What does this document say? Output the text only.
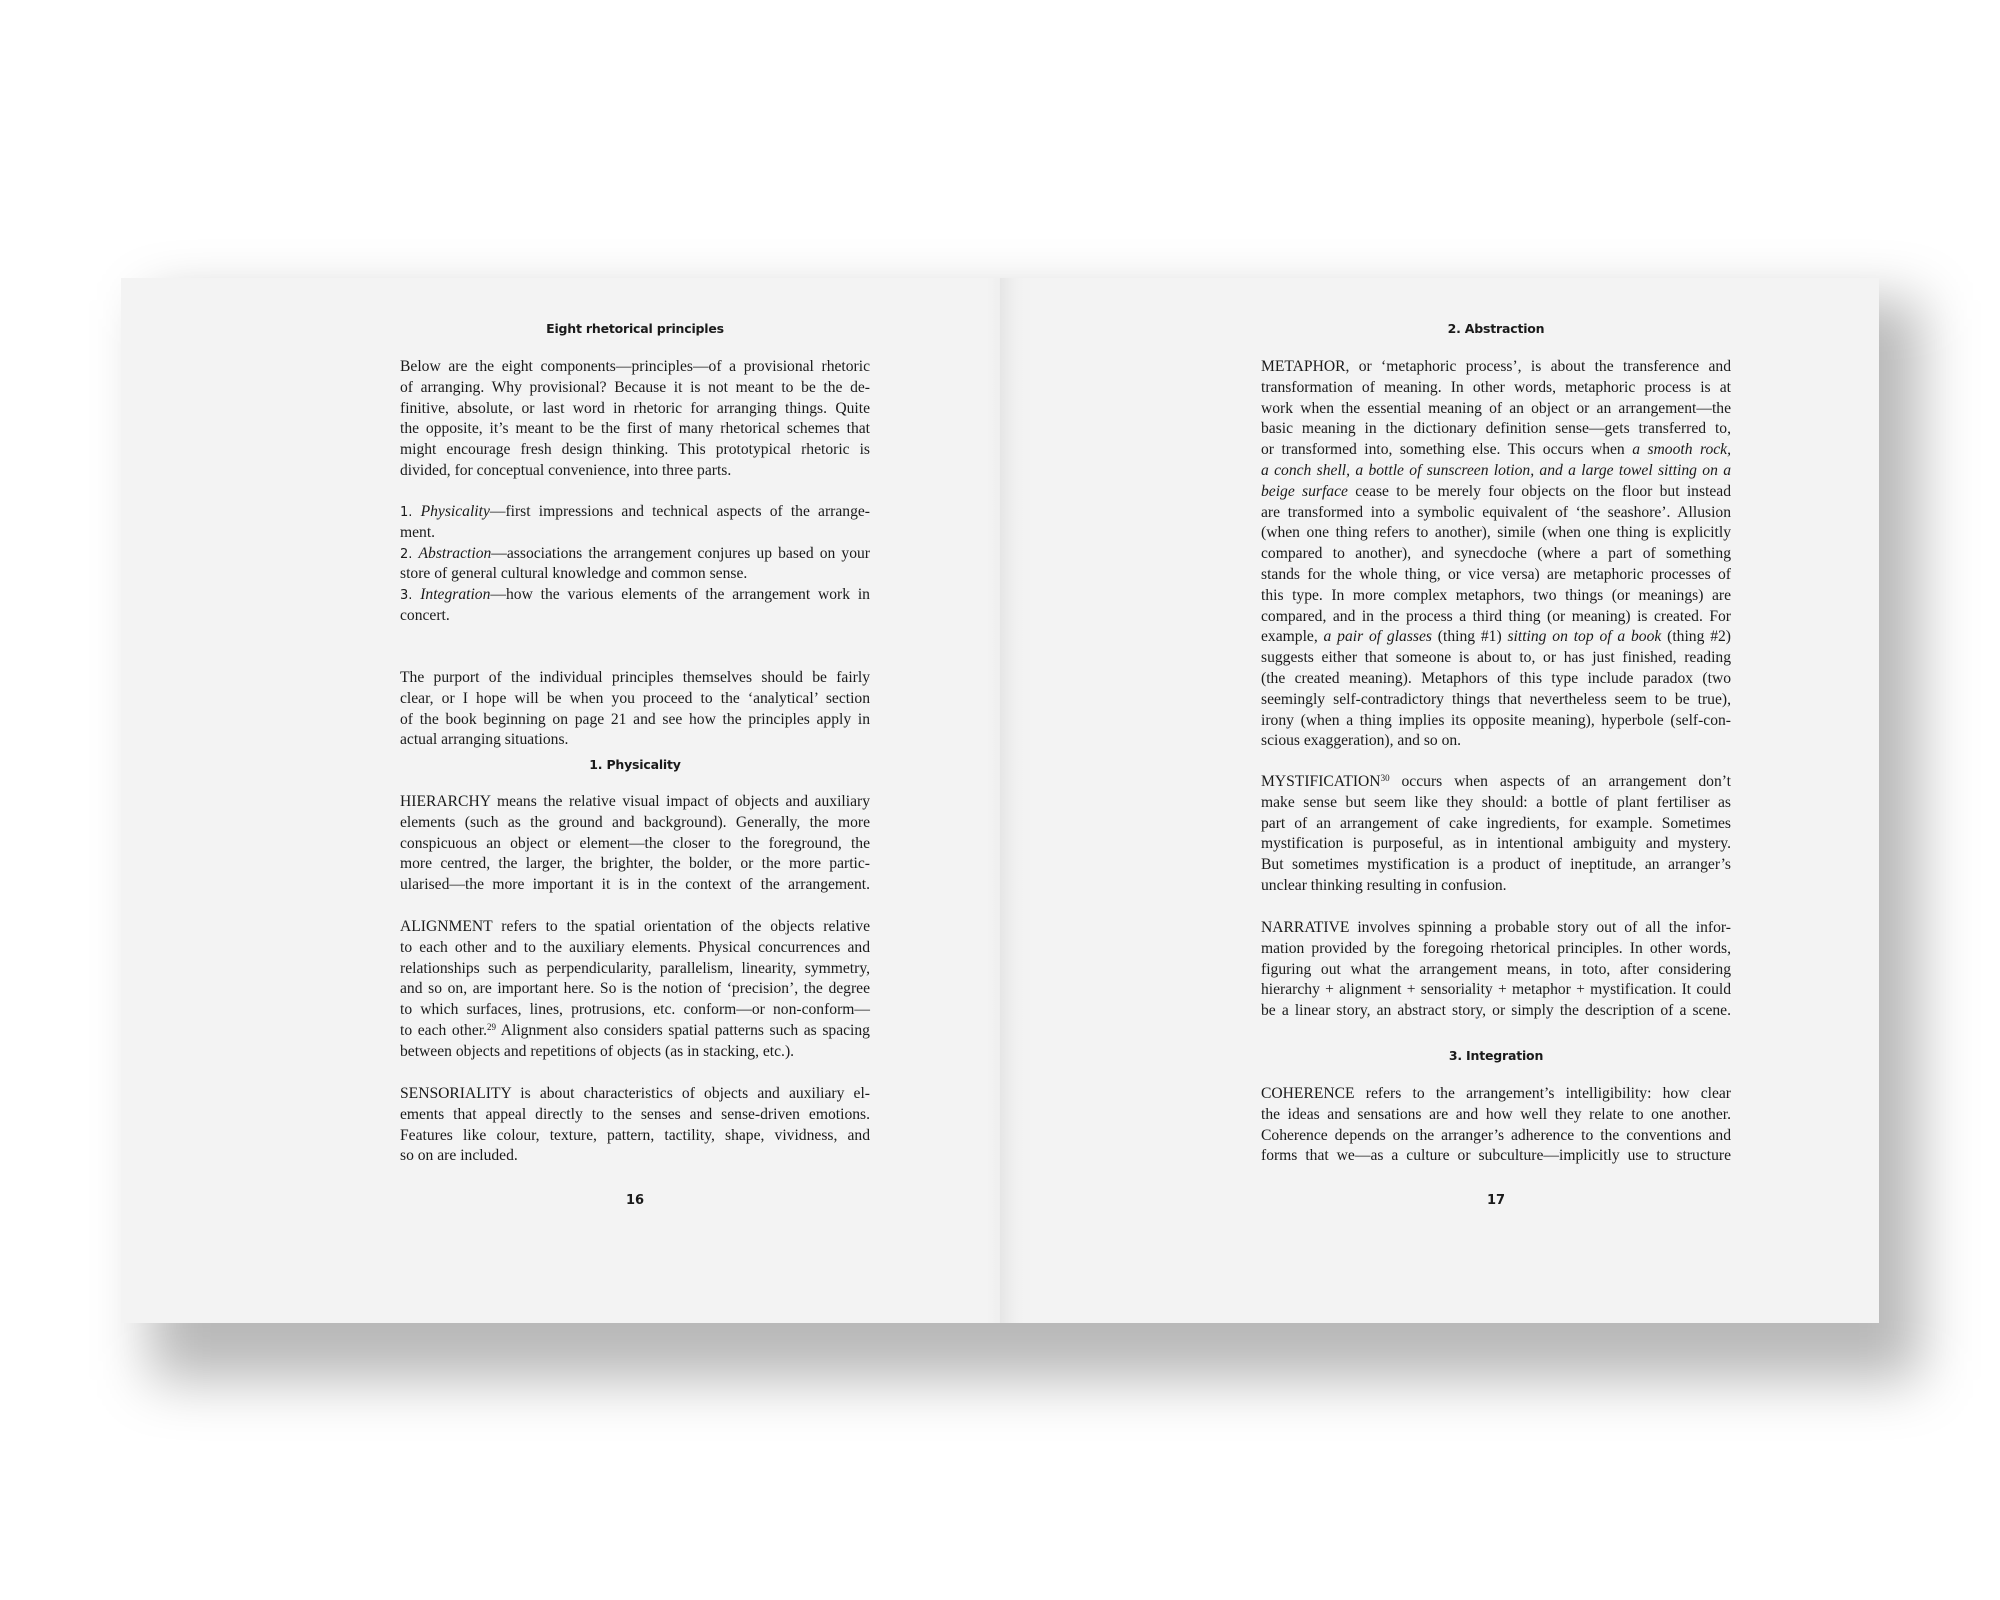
Eight rhetorical principles
Below are the eight components—principles—of a provisional rhetoric
of arranging. Why provisional? Because it is not meant to be the de-
finitive, absolute, or last word in rhetoric for arranging things. Quite
the opposite, it’s meant to be the first of many rhetorical schemes that
might encourage fresh design thinking. This prototypical rhetoric is
divided, for conceptual convenience, into three parts.
1. Physicality—first impressions and technical aspects of the arrange-
ment.
2. Abstraction—associations the arrangement conjures up based on your
store of general cultural knowledge and common sense.
3. Integration—how the various elements of the arrangement work in
concert.
The purport of the individual principles themselves should be fairly
clear, or I hope will be when you proceed to the ‘analytical’ section
of the book beginning on page 21 and see how the principles apply in
actual arranging situations.
1. Physicality
HIERARCHY means the relative visual impact of objects and auxiliary
elements (such as the ground and background). Generally, the more
conspicuous an object or element—the closer to the foreground, the
more centred, the larger, the brighter, the bolder, or the more partic-
ularised—the more important it is in the context of the arrangement.
ALIGNMENT refers to the spatial orientation of the objects relative
to each other and to the auxiliary elements. Physical concurrences and
relationships such as perpendicularity, parallelism, linearity, symmetry,
and so on, are important here. So is the notion of ‘precision’, the degree
to which surfaces, lines, protrusions, etc. conform—or non-conform—
to each other.$^{29}$ Alignment also considers spatial patterns such as spacing
between objects and repetitions of objects (as in stacking, etc.).
SENSORIALITY is about characteristics of objects and auxiliary el-
ements that appeal directly to the senses and sense-driven emotions.
Features like colour, texture, pattern, tactility, shape, vividness, and
so on are included.
16
2. Abstraction
METAPHOR, or ‘metaphoric process’, is about the transference and
transformation of meaning. In other words, metaphoric process is at
work when the essential meaning of an object or an arrangement—the
basic meaning in the dictionary definition sense—gets transferred to,
or transformed into, something else. This occurs when a smooth rock,
a conch shell, a bottle of sunscreen lotion, and a large towel sitting on a
beige surface cease to be merely four objects on the floor but instead
are transformed into a symbolic equivalent of ‘the seashore’. Allusion
(when one thing refers to another), simile (when one thing is explicitly
compared to another), and synecdoche (where a part of something
stands for the whole thing, or vice versa) are metaphoric processes of
this type. In more complex metaphors, two things (or meanings) are
compared, and in the process a third thing (or meaning) is created. For
example, a pair of glasses (thing #1) sitting on top of a book (thing #2)
suggests either that someone is about to, or has just finished, reading
(the created meaning). Metaphors of this type include paradox (two
seemingly self-contradictory things that nevertheless seem to be true),
irony (when a thing implies its opposite meaning), hyperbole (self-con-
scious exaggeration), and so on.
MYSTIFICATION$^{30}$ occurs when aspects of an arrangement don’t
make sense but seem like they should: a bottle of plant fertiliser as
part of an arrangement of cake ingredients, for example. Sometimes
mystification is purposeful, as in intentional ambiguity and mystery.
But sometimes mystification is a product of ineptitude, an arranger’s
unclear thinking resulting in confusion.
NARRATIVE involves spinning a probable story out of all the infor-
mation provided by the foregoing rhetorical principles. In other words,
figuring out what the arrangement means, in toto, after considering
hierarchy + alignment + sensoriality + metaphor + mystification. It could
be a linear story, an abstract story, or simply the description of a scene.
3. Integration
COHERENCE refers to the arrangement’s intelligibility: how clear
the ideas and sensations are and how well they relate to one another.
Coherence depends on the arranger’s adherence to the conventions and
forms that we—as a culture or subculture—implicitly use to structure
17
